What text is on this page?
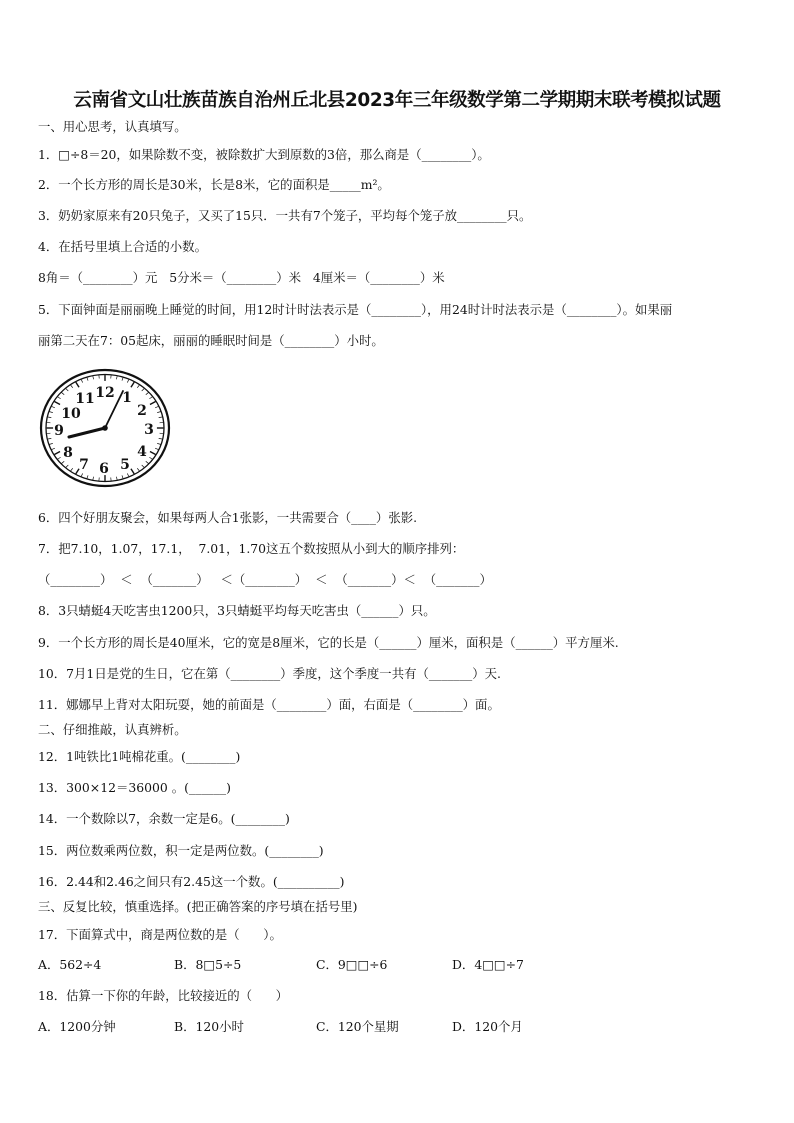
云南省文山壮族苗族自治州丘北县2023年三年级数学第二学期期末联考模拟试题
一、用心思考，认真填写。
1．□÷8＝20，如果除数不变，被除数扩大到原数的3倍，那么商是（________）。
2．一个长方形的周长是30米，长是8米，它的面积是_____m²。
3．奶奶家原来有20只兔子，又买了15只．一共有7个笼子，平均每个笼子放________只。
4．在括号里填上合适的小数。
8角＝（________）元   5分米＝（________）米   4厘米＝（________）米
5．下面钟面是丽丽晚上睡觉的时间，用12时计时法表示是（________），用24时计时法表示是（________）。如果丽
丽第二天在7：05起床，丽丽的睡眠时间是（________）小时。
12 1
2
3
4
5
6
7
8
9
10
11
6．四个好朋友聚会，如果每两人合1张影，一共需要合（____）张影.
7．把7.10，1.07，17.1，  7.01，1.70这五个数按照从小到大的顺序排列：
（________）  ＜  （_______）   ＜（________）  ＜  （_______）＜  （_______）
8．3只蜻蜓4天吃害虫1200只，3只蜻蜓平均每天吃害虫（______）只。
9．一个长方形的周长是40厘米，它的宽是8厘米，它的长是（______）厘米，面积是（______）平方厘米.
10．7月1日是党的生日，它在第（________）季度，这个季度一共有（_______）天.
11．娜娜早上背对太阳玩耍，她的前面是（________）面，右面是（________）面。
二、仔细推敲，认真辨析。
12．1吨铁比1吨棉花重。(________)
13．300×12＝36000 。(______)
14．一个数除以7，余数一定是6。(________)
15．两位数乘两位数，积一定是两位数。(________)
16．2.44和2.46之间只有2.45这一个数。(__________)
三、反复比较，慎重选择。(把正确答案的序号填在括号里)
17．下面算式中，商是两位数的是（      ）。
A．562÷4	B．8□5÷5	C．9□□÷6	D．4□□÷7
18．估算一下你的年龄，比较接近的（      ）
A．1200分钟	B．120小时	C．120个星期	D．120个月
